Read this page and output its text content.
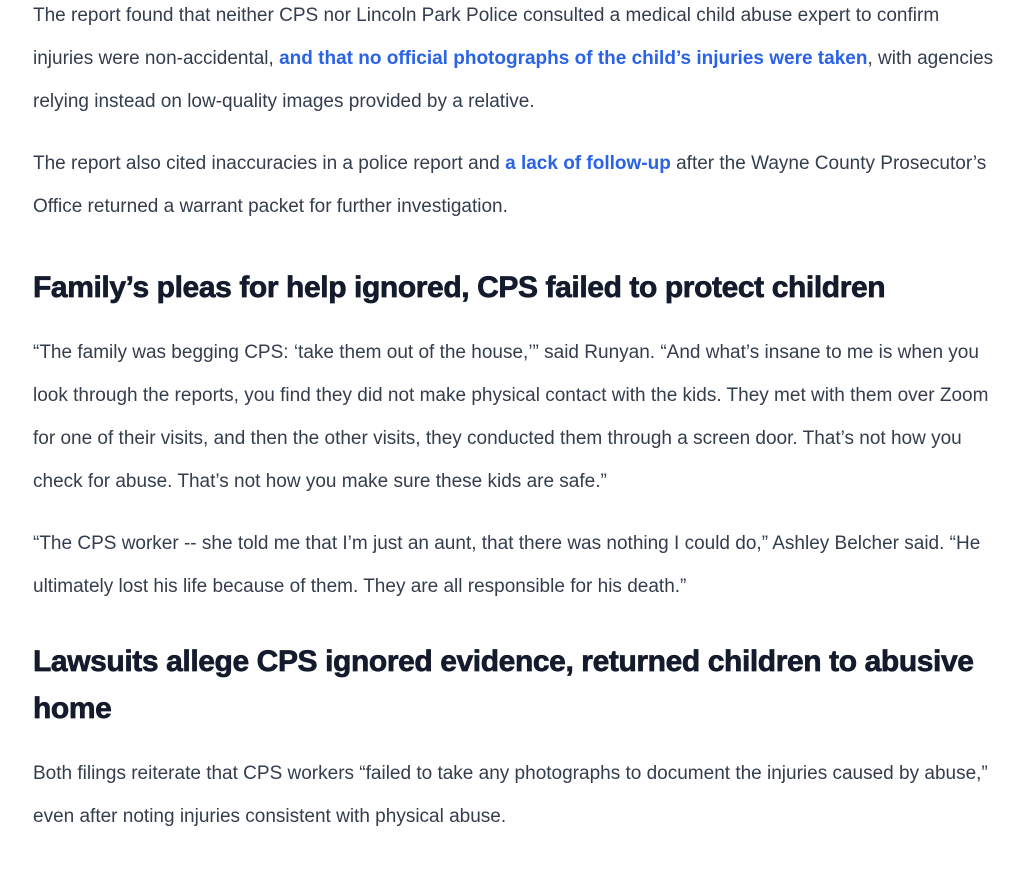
The report found that neither CPS nor Lincoln Park Police consulted a medical child abuse expert to confirm injuries were non-accidental, and that no official photographs of the child’s injuries were taken, with agencies relying instead on low-quality images provided by a relative.

The report also cited inaccuracies in a police report and a lack of follow-up after the Wayne County Prosecutor’s Office returned a warrant packet for further investigation.

Family’s pleas for help ignored, CPS failed to protect children

“The family was begging CPS: ‘take them out of the house,’” said Runyan. “And what’s insane to me is when you look through the reports, you find they did not make physical contact with the kids. They met with them over Zoom for one of their visits, and then the other visits, they conducted them through a screen door. That’s not how you check for abuse. That’s not how you make sure these kids are safe.”

“The CPS worker -- she told me that I’m just an aunt, that there was nothing I could do,” Ashley Belcher said. “He ultimately lost his life because of them. They are all responsible for his death.”

Lawsuits allege CPS ignored evidence, returned children to abusive home

Both filings reiterate that CPS workers “failed to take any photographs to document the injuries caused by abuse,” even after noting injuries consistent with physical abuse.
